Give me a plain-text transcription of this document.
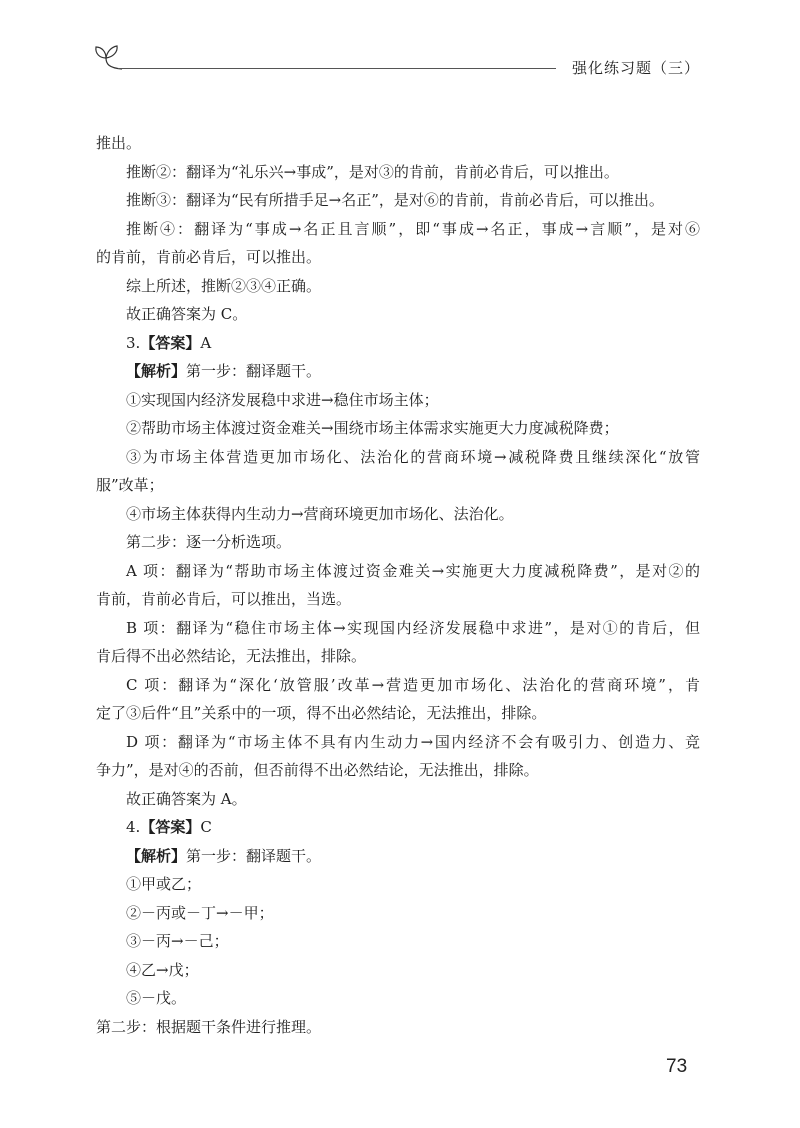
强化练习题（三）
推出。
推断②：翻译为“礼乐兴→事成”，是对③的肯前，肯前必肯后，可以推出。
推断③：翻译为“民有所措手足→名正”，是对⑥的肯前，肯前必肯后，可以推出。
推断④：翻译为“事成→名正且言顺”，即“事成→名正，事成→言顺”，是对⑥
的肯前，肯前必肯后，可以推出。
综上所述，推断②③④正确。
故正确答案为 C。
3.【答案】A
【解析】第一步：翻译题干。
①实现国内经济发展稳中求进→稳住市场主体；
②帮助市场主体渡过资金难关→围绕市场主体需求实施更大力度减税降费；
③为市场主体营造更加市场化、法治化的营商环境→减税降费且继续深化“放管
服”改革；
④市场主体获得内生动力→营商环境更加市场化、法治化。
第二步：逐一分析选项。
A 项：翻译为“帮助市场主体渡过资金难关→实施更大力度减税降费”，是对②的
肯前，肯前必肯后，可以推出，当选。
B 项：翻译为“稳住市场主体→实现国内经济发展稳中求进”，是对①的肯后，但
肯后得不出必然结论，无法推出，排除。
C 项：翻译为“深化‘放管服’改革→营造更加市场化、法治化的营商环境”，肯
定了③后件“且”关系中的一项，得不出必然结论，无法推出，排除。
D 项：翻译为“市场主体不具有内生动力→国内经济不会有吸引力、创造力、竞
争力”，是对④的否前，但否前得不出必然结论，无法推出，排除。
故正确答案为 A。
4.【答案】C
【解析】第一步：翻译题干。
①甲或乙；
②－丙或－丁→－甲；
③－丙→－己；
④乙→戊；
⑤－戊。
第二步：根据题干条件进行推理。
73
